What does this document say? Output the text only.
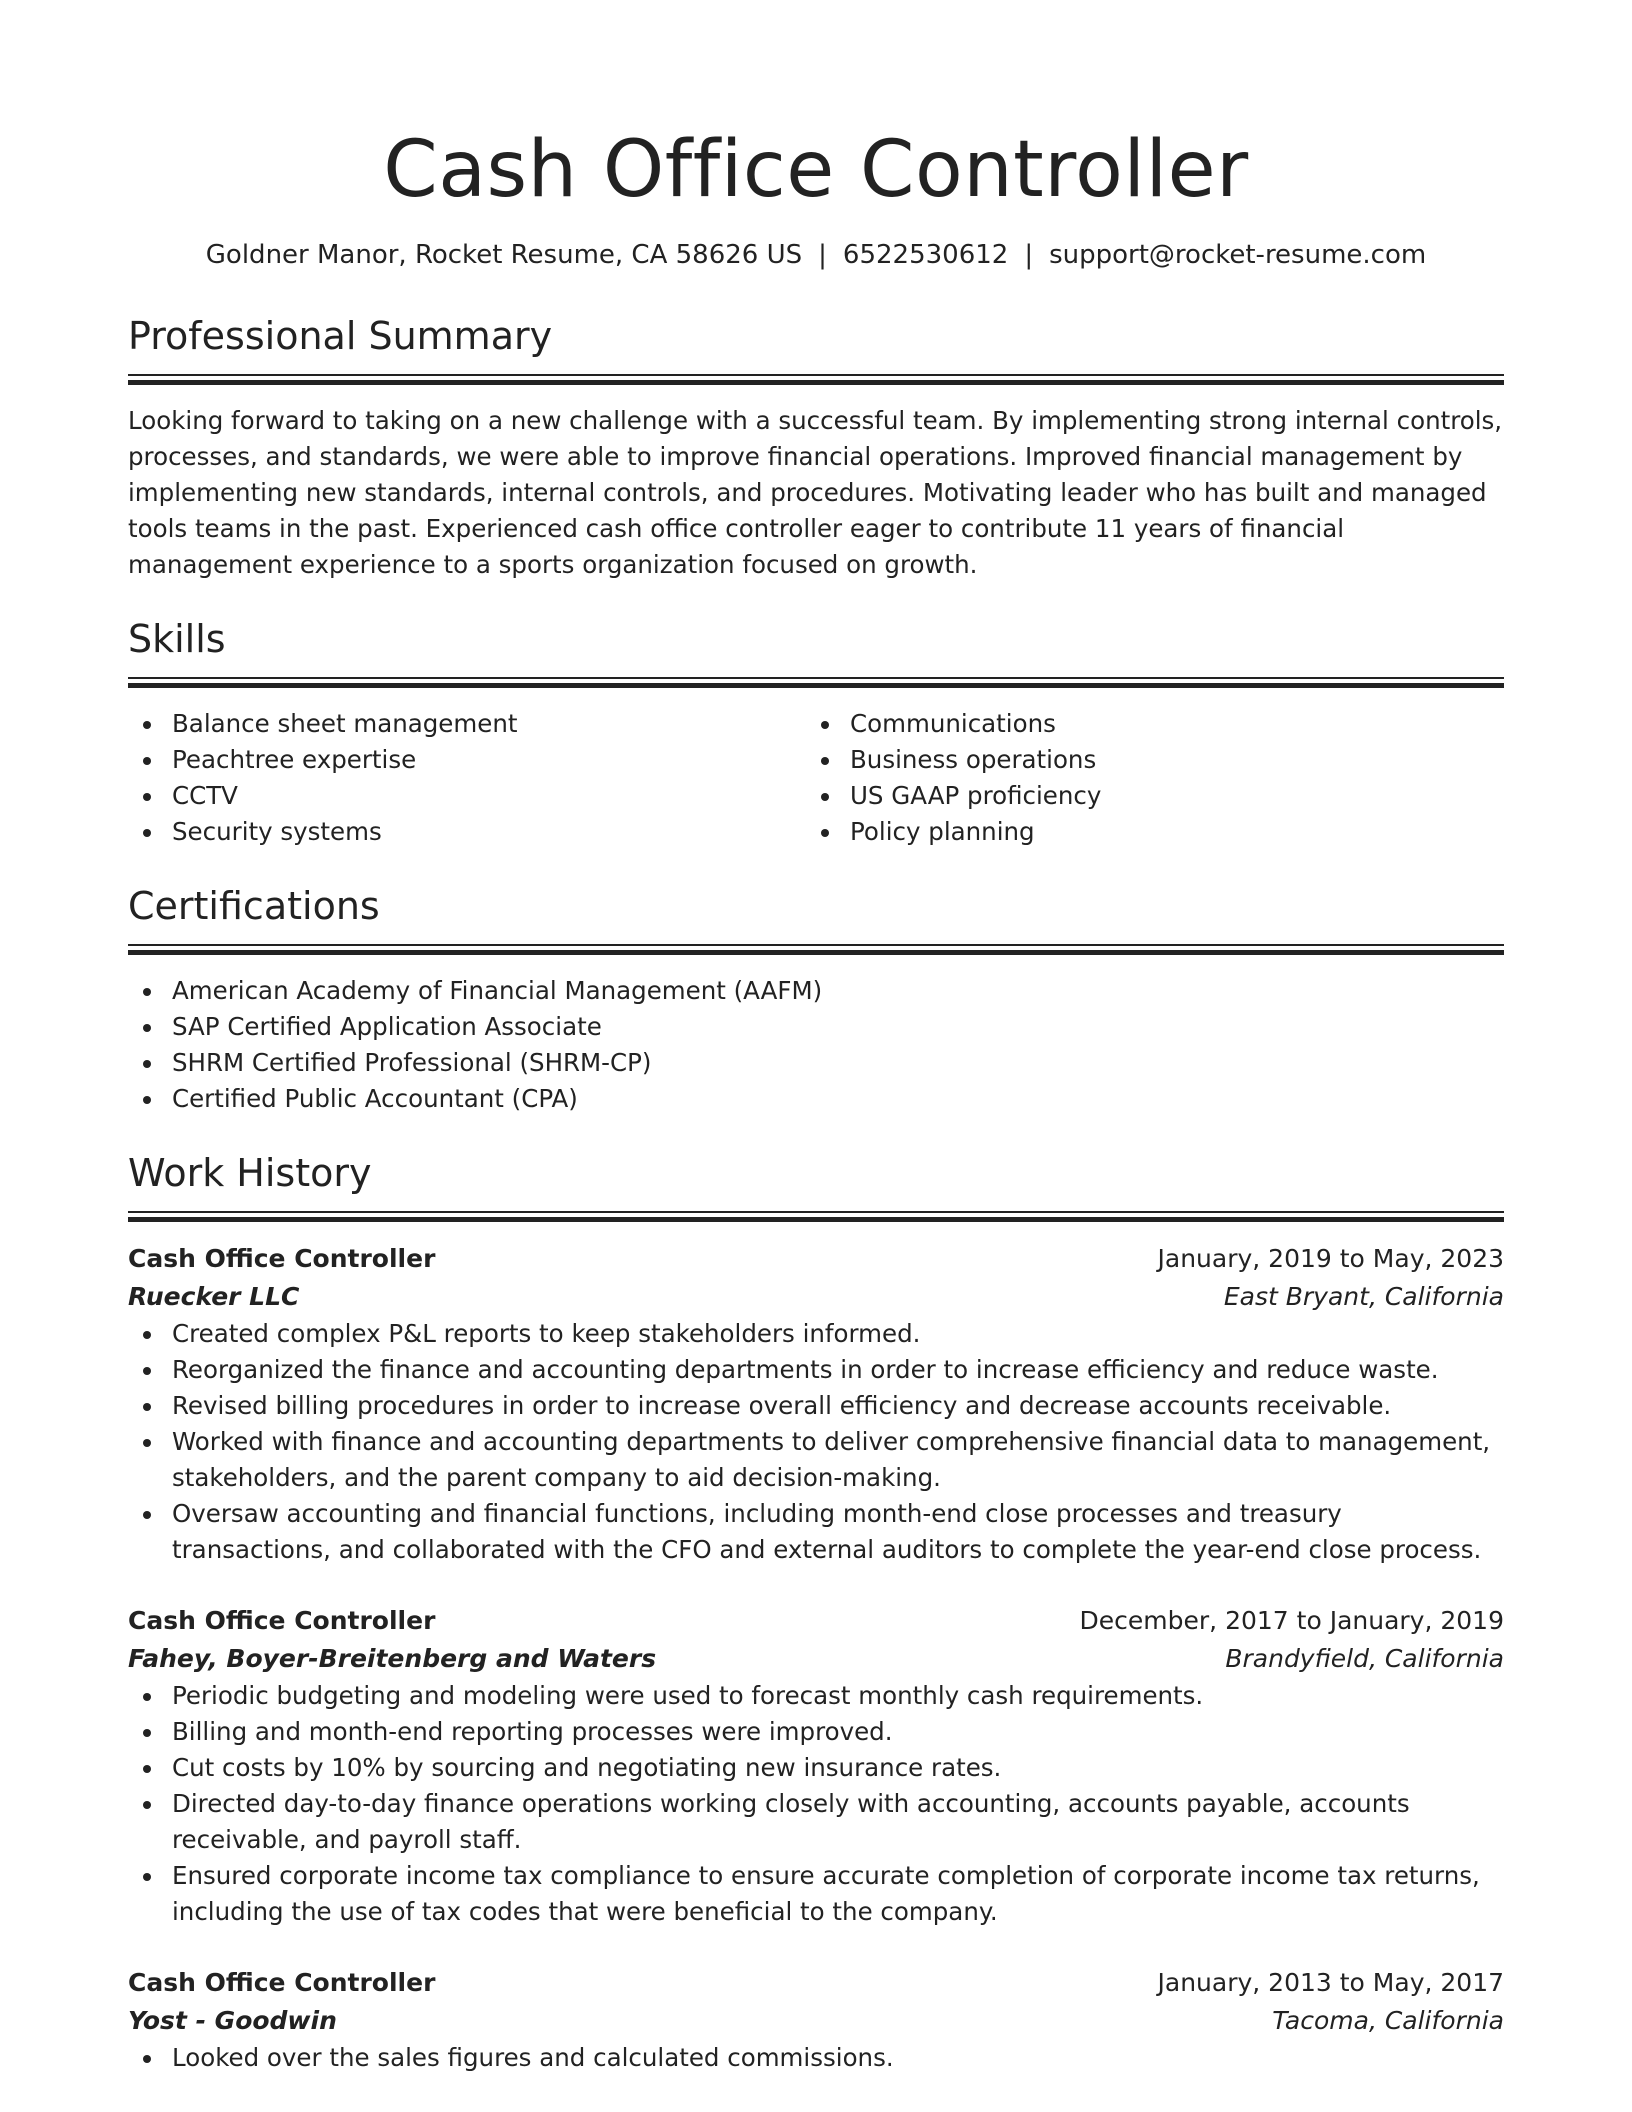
Cash Office Controller
Goldner Manor, Rocket Resume, CA 58626 US | 6522530612 | support@rocket-resume.com
Professional Summary

Looking forward to taking on a new challenge with a successful team. By implementing strong internal controls, processes, and standards, we were able to improve financial operations. Improved financial management by implementing new standards, internal controls, and procedures. Motivating leader who has built and managed tools teams in the past. Experienced cash office controller eager to contribute 11 years of financial management experience to a sports organization focused on growth.

Skills
Balance sheet management
Peachtree expertise
CCTV
Security systems
Communications
Business operations
US GAAP proficiency
Policy planning
Certifications
American Academy of Financial Management (AAFM)
SAP Certified Application Associate
SHRM Certified Professional (SHRM-CP)
Certified Public Accountant (CPA)
Work History
Cash Office Controller	January, 2019 to May, 2023
Ruecker LLC	East Bryant, California
Created complex P&L reports to keep stakeholders informed.
Reorganized the finance and accounting departments in order to increase efficiency and reduce waste.
Revised billing procedures in order to increase overall efficiency and decrease accounts receivable.
Worked with finance and accounting departments to deliver comprehensive financial data to management, stakeholders, and the parent company to aid decision-making.
Oversaw accounting and financial functions, including month-end close processes and treasury transactions, and collaborated with the CFO and external auditors to complete the year-end close process.
Cash Office Controller	December, 2017 to January, 2019
Fahey, Boyer-Breitenberg and Waters	Brandyfield, California
Periodic budgeting and modeling were used to forecast monthly cash requirements.
Billing and month-end reporting processes were improved.
Cut costs by 10% by sourcing and negotiating new insurance rates.
Directed day-to-day finance operations working closely with accounting, accounts payable, accounts receivable, and payroll staff.
Ensured corporate income tax compliance to ensure accurate completion of corporate income tax returns, including the use of tax codes that were beneficial to the company.
Cash Office Controller	January, 2013 to May, 2017
Yost - Goodwin	Tacoma, California
Looked over the sales figures and calculated commissions.
